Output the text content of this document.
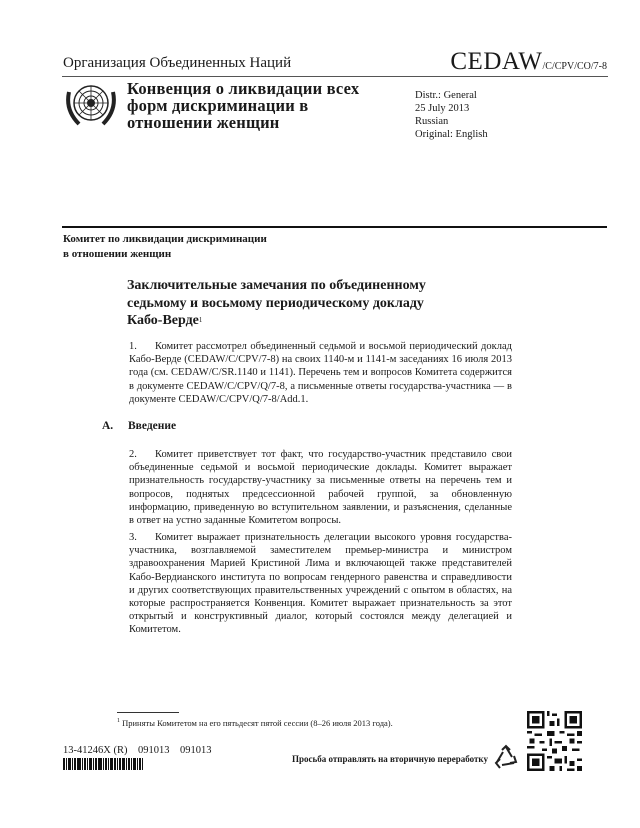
Организация Объединенных Наций	CEDAW/C/CPV/CO/7-8
Конвенция о ликвидации всех
форм дискриминации в
отношении женщин
Distr.: General
25 July 2013
Russian
Original: English
Комитет по ликвидации дискриминации
в отношении женщин
Заключительные замечания по объединенному
седьмому и восьмому периодическому докладу
Кабо-Верде$^1$
1. Комитет рассмотрел объединенный седьмой и восьмой периодический доклад Кабо-Верде (CEDAW/C/CPV/7-8) на своих 1140-м и 1141-м заседаниях 16 июля 2013 года (см. CEDAW/C/SR.1140 и 1141). Перечень тем и вопросов Комитета содержится в документе CEDAW/C/CPV/Q/7-8, а письменные ответы государства-участника — в документе CEDAW/C/CPV/Q/7-8/Add.1.
A. Введение
2. Комитет приветствует тот факт, что государство-участник представило свои объединенные седьмой и восьмой периодические доклады. Комитет выражает признательность государству-участнику за письменные ответы на перечень тем и вопросов, поднятых предсессионной рабочей группой, за обновленную информацию, приведенную во вступительном заявлении, и разъяснения, сделанные в ответ на устно заданные Комитетом вопросы.
3. Комитет выражает признательность делегации высокого уровня государства-участника, возглавляемой заместителем премьер-министра и министром здравоохранения Марией Кристиной Лима и включающей также представителей Кабо-Вердианского института по вопросам гендерного равенства и справедливости и других соответствующих правительственных учреждений с опытом в областях, на которые распространяется Конвенция. Комитет выражает признательность за этот открытый и конструктивный диалог, который состоялся между делегацией и Комитетом.
$^1$ Приняты Комитетом на его пятьдесят пятой сессии (8–26 июля 2013 года).
13-41246X (R)    091013    091013
Просьба отправлять на вторичную переработку
